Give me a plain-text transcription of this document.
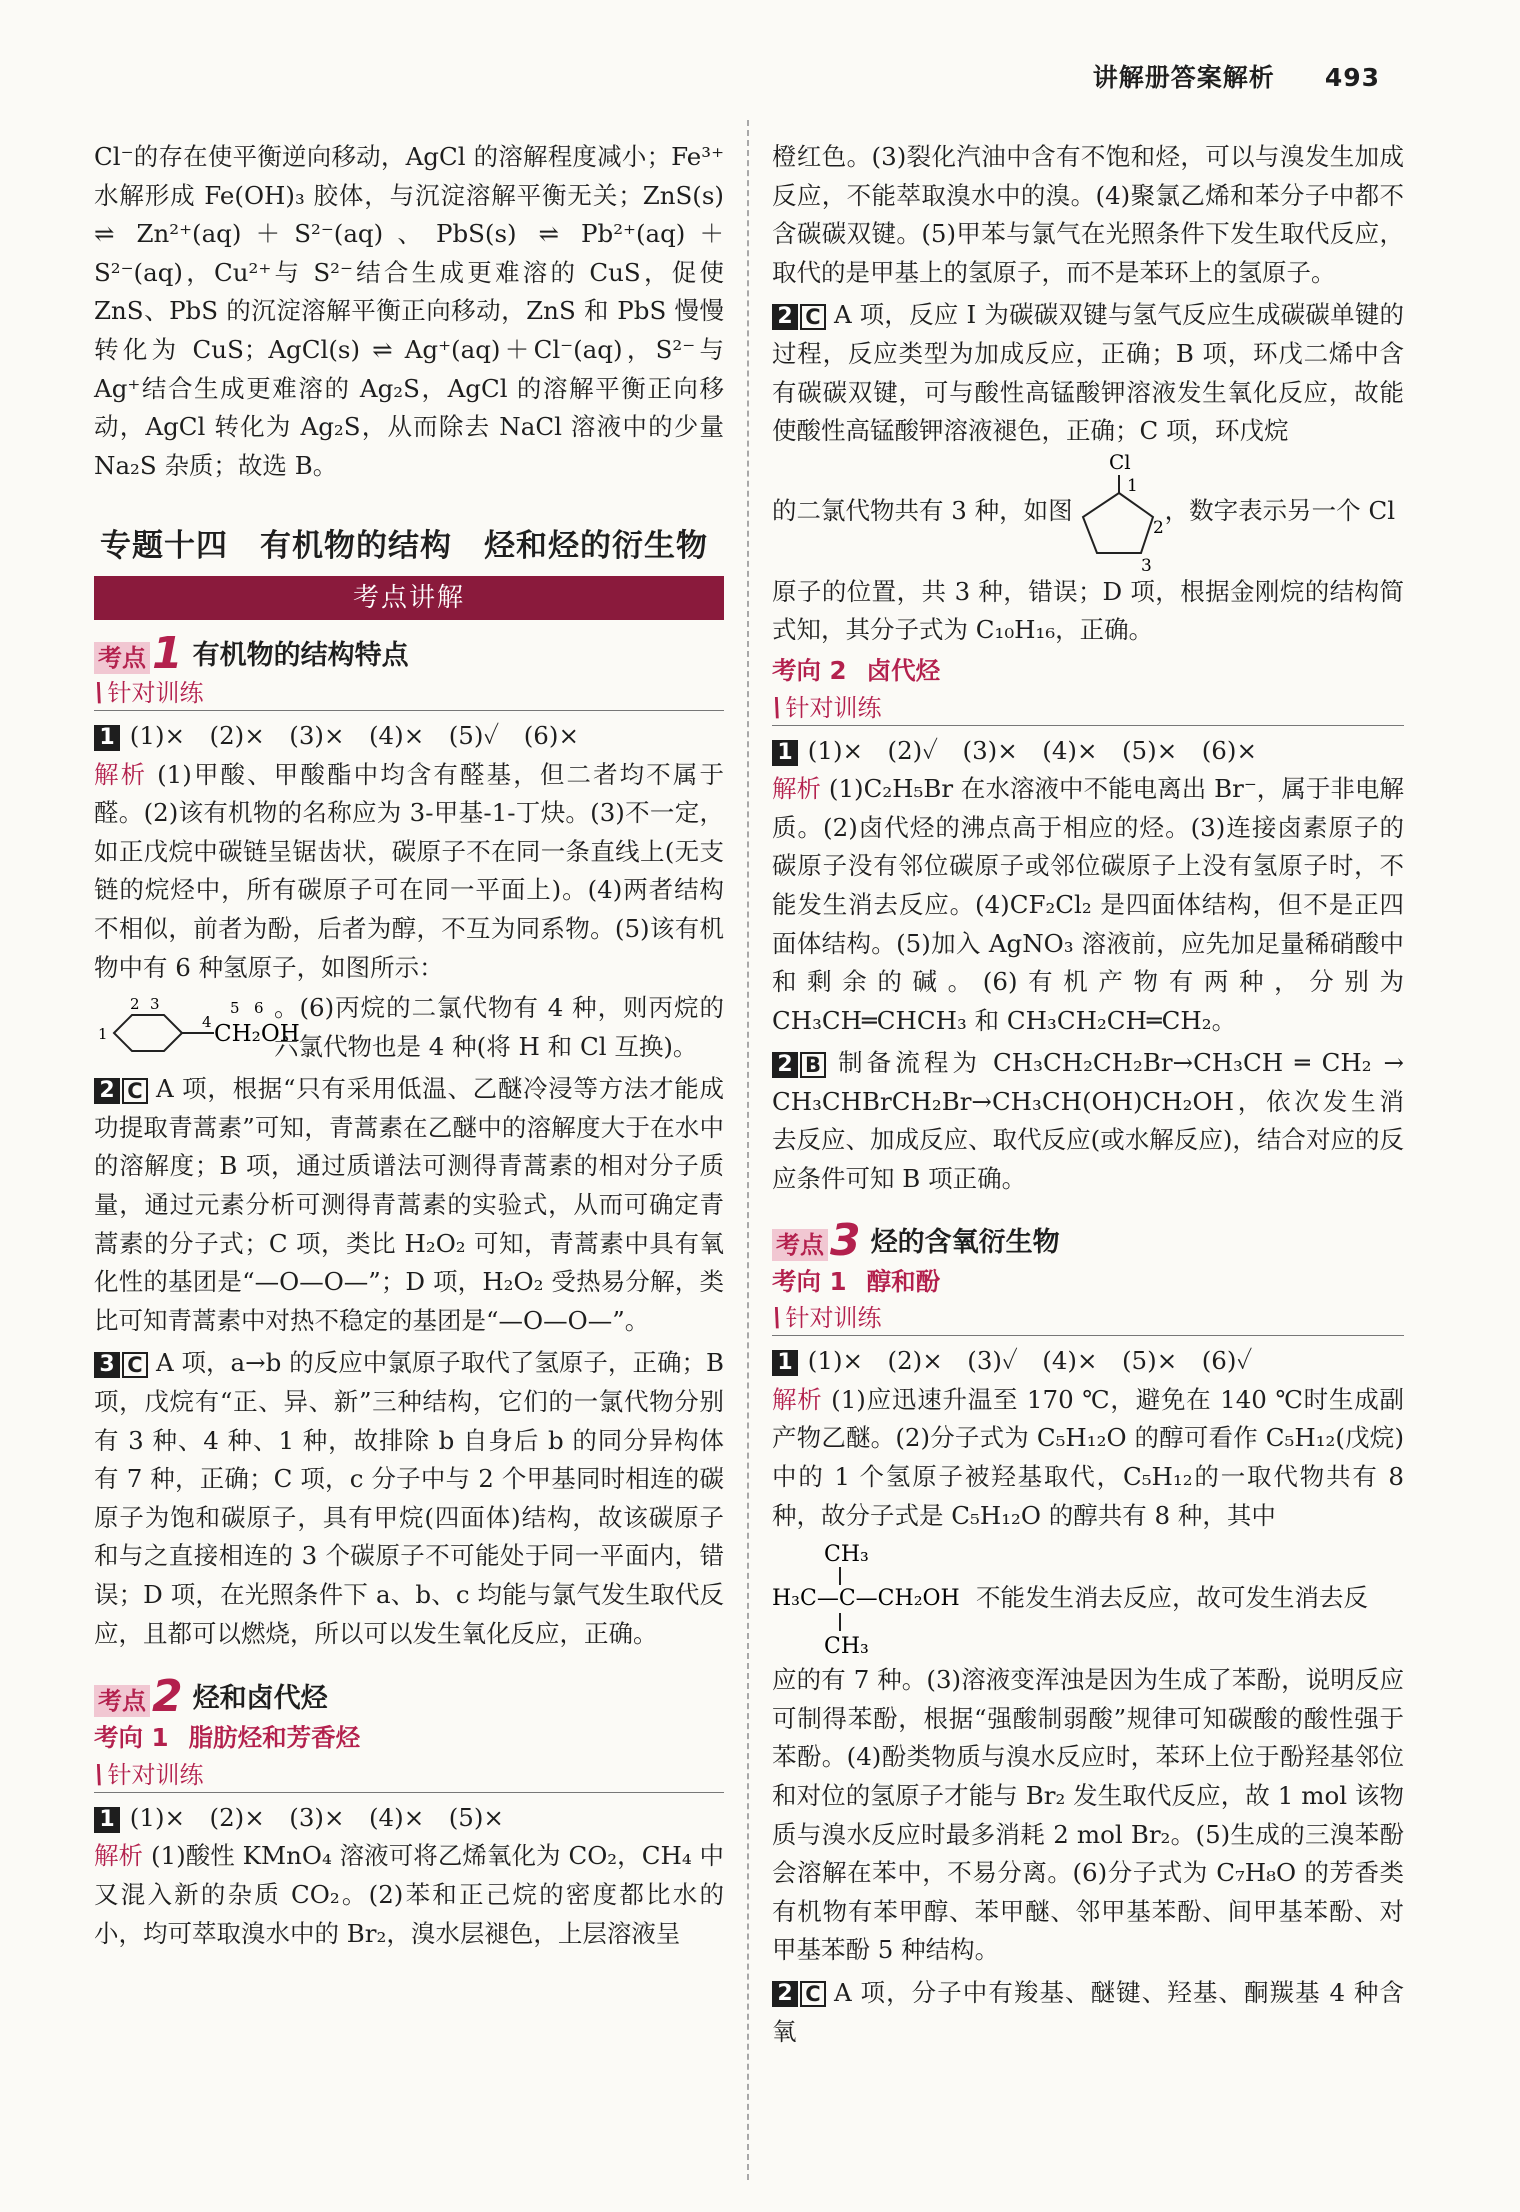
讲解册答案解析 493

Cl⁻的存在使平衡逆向移动，AgCl 的溶解程度减小；Fe³⁺水解形成 Fe(OH)₃ 胶体，与沉淀溶解平衡无关；ZnS(s) ⇌ Zn²⁺(aq)＋S²⁻(aq)、PbS(s) ⇌ Pb²⁺(aq)＋S²⁻(aq)，Cu²⁺与 S²⁻结合生成更难溶的 CuS，促使 ZnS、PbS 的沉淀溶解平衡正向移动，ZnS 和 PbS 慢慢转化为 CuS；AgCl(s) ⇌ Ag⁺(aq)＋Cl⁻(aq)，S²⁻与 Ag⁺结合生成更难溶的 Ag₂S，AgCl 的溶解平衡正向移动，AgCl 转化为 Ag₂S，从而除去 NaCl 溶液中的少量 Na₂S 杂质；故选 B。

专题十四　有机物的结构　烃和烃的衍生物
考点讲解
考点 1 有机物的结构特点
\ 针对训练

1 (1)×　(2)×　(3)×　(4)×　(5)✓　(6)×

解析 (1)甲酸、甲酸酯中均含有醛基，但二者均不属于醛。(2)该有机物的名称应为 3-甲基-1-丁炔。(3)不一定，如正戊烷中碳链呈锯齿状，碳原子不在同一条直线上(无支链的烷烃中，所有碳原子可在同一平面上)。(4)两者结构不相似，前者为酚，后者为醇，不互为同系物。(5)该有机物中有 6 种氢原子，如图所示：

2 3
1
4
5 6
CH₂OH
。(6)丙烷的二氯代物有 4 种，则丙烷的六氯代物也是 4 种(将 H 和 Cl 互换)。

2 C A 项，根据“只有采用低温、乙醚冷浸等方法才能成功提取青蒿素”可知，青蒿素在乙醚中的溶解度大于在水中的溶解度；B 项，通过质谱法可测得青蒿素的相对分子质量，通过元素分析可测得青蒿素的实验式，从而可确定青蒿素的分子式；C 项，类比 H₂O₂ 可知，青蒿素中具有氧化性的基团是“—O—O—”；D 项，H₂O₂ 受热易分解，类比可知青蒿素中对热不稳定的基团是“—O—O—”。

3 C A 项，a→b 的反应中氯原子取代了氢原子，正确；B 项，戊烷有“正、异、新”三种结构，它们的一氯代物分别有 3 种、4 种、1 种，故排除 b 自身后 b 的同分异构体有 7 种，正确；C 项，c 分子中与 2 个甲基同时相连的碳原子为饱和碳原子，具有甲烷(四面体)结构，故该碳原子和与之直接相连的 3 个碳原子不可能处于同一平面内，错误；D 项，在光照条件下 a、b、c 均能与氯气发生取代反应，且都可以燃烧，所以可以发生氧化反应，正确。

考点 2 烃和卤代烃
考向 1 脂肪烃和芳香烃
\ 针对训练

1 (1)×　(2)×　(3)×　(4)×　(5)×

解析 (1)酸性 KMnO₄ 溶液可将乙烯氧化为 CO₂，CH₄ 中又混入新的杂质 CO₂。(2)苯和正己烷的密度都比水的小，均可萃取溴水中的 Br₂，溴水层褪色，上层溶液呈

橙红色。(3)裂化汽油中含有不饱和烃，可以与溴发生加成反应，不能萃取溴水中的溴。(4)聚氯乙烯和苯分子中都不含碳碳双键。(5)甲苯与氯气在光照条件下发生取代反应，取代的是甲基上的氢原子，而不是苯环上的氢原子。

2 C A 项，反应 Ⅰ 为碳碳双键与氢气反应生成碳碳单键的过程，反应类型为加成反应，正确；B 项，环戊二烯中含有碳碳双键，可与酸性高锰酸钾溶液发生氧化反应，故能使酸性高锰酸钾溶液褪色，正确；C 项，环戊烷

的二氯代物共有 3 种，如图
Cl
1
2
3
，数字表示另一个 Cl

原子的位置，共 3 种，错误；D 项，根据金刚烷的结构简式知，其分子式为 C₁₀H₁₆，正确。

考向 2 卤代烃
\ 针对训练

1 (1)×　(2)✓　(3)×　(4)×　(5)×　(6)×

解析 (1)C₂H₅Br 在水溶液中不能电离出 Br⁻，属于非电解质。(2)卤代烃的沸点高于相应的烃。(3)连接卤素原子的碳原子没有邻位碳原子或邻位碳原子上没有氢原子时，不能发生消去反应。(4)CF₂Cl₂ 是四面体结构，但不是正四面体结构。(5)加入 AgNO₃ 溶液前，应先加足量稀硝酸中和剩余的碱。(6)有机产物有两种，分别为 CH₃CH═CHCH₃ 和 CH₃CH₂CH═CH₂。

2 B 制备流程为 CH₃CH₂CH₂Br→CH₃CH ═ CH₂ → CH₃CHBrCH₂Br→CH₃CH(OH)CH₂OH，依次发生消去反应、加成反应、取代反应(或水解反应)，结合对应的反应条件可知 B 项正确。

考点 3 烃的含氧衍生物
考向 1 醇和酚
\ 针对训练

1 (1)×　(2)×　(3)✓　(4)×　(5)×　(6)✓

解析 (1)应迅速升温至 170 ℃，避免在 140 ℃时生成副产物乙醚。(2)分子式为 C₅H₁₂O 的醇可看作 C₅H₁₂(戊烷)中的 1 个氢原子被羟基取代，C₅H₁₂的一取代物共有 8 种，故分子式是 C₅H₁₂O 的醇共有 8 种，其中

CH₃
H₃C—C—CH₂OH
CH₃
不能发生消去反应，故可发生消去反

应的有 7 种。(3)溶液变浑浊是因为生成了苯酚，说明反应可制得苯酚，根据“强酸制弱酸”规律可知碳酸的酸性强于苯酚。(4)酚类物质与溴水反应时，苯环上位于酚羟基邻位和对位的氢原子才能与 Br₂ 发生取代反应，故 1 mol 该物质与溴水反应时最多消耗 2 mol Br₂。(5)生成的三溴苯酚会溶解在苯中，不易分离。(6)分子式为 C₇H₈O 的芳香类有机物有苯甲醇、苯甲醚、邻甲基苯酚、间甲基苯酚、对甲基苯酚 5 种结构。

2 C A 项，分子中有羧基、醚键、羟基、酮羰基 4 种含氧
